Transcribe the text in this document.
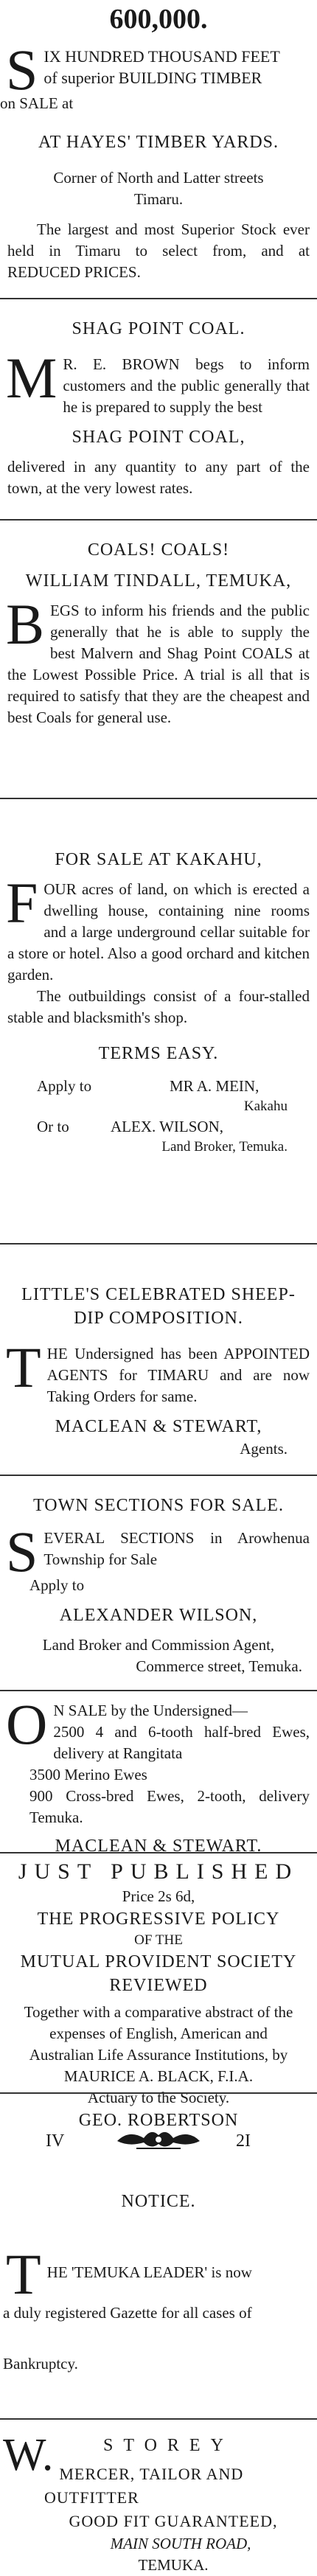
600,000.
S IX HUNDRED THOUSAND FEET
of superior BUILDING TIMBER
on SALE at
AT HAYES' TIMBER YARDS.
Corner of North and Latter streets
Timaru.
The largest and most Superior Stock ever held in Timaru to select from, and at REDUCED PRICES.
SHAG POINT COAL.
M R. E. BROWN begs to inform customers and the public generally that he is prepared to supply the best
SHAG POINT COAL,
delivered in any quantity to any part of the town, at the very lowest rates.
COALS! COALS!
WILLIAM TINDALL, TEMUKA,
B EGS to inform his friends and the public generally that he is able to supply the best Malvern and Shag Point COALS at the Lowest Possible Price. A trial is all that is required to satisfy that they are the cheapest and best Coals for general use.
FOR SALE AT KAKAHU,
F OUR acres of land, on which is erected a dwelling house, containing nine rooms and a large underground cellar suitable for a store or hotel. Also a good orchard and kitchen garden.
The outbuildings consist of a four-stalled stable and blacksmith's shop.
TERMS EASY.
Apply to	MR A. MEIN,
Kakahu
Or to	ALEX. WILSON,
Land Broker, Temuka.
LITTLE'S CELEBRATED SHEEP-DIP COMPOSITION.
T HE Undersigned has been APPOINTED AGENTS for TIMARU and are now Taking Orders for same.
MACLEAN & STEWART,
Agents.
TOWN SECTIONS FOR SALE.
S EVERAL SECTIONS in Arowhenua Township for Sale
Apply to
ALEXANDER WILSON,
Land Broker and Commission Agent,
Commerce street, Temuka.
O N SALE by the Undersigned—
2500 4 and 6-tooth half-bred Ewes, delivery at Rangitata
3500 Merino Ewes
900 Cross-bred Ewes, 2-tooth, delivery Temuka.
MACLEAN & STEWART.
JUST PUBLISHED
Price 2s 6d,
THE PROGRESSIVE POLICY
OF THE
MUTUAL PROVIDENT SOCIETY REVIEWED
Together with a comparative abstract of the expenses of English, American and Australian Life Assurance Institutions, by
MAURICE A. BLACK, F.I.A.
Actuary to the Society.
GEO. ROBERTSON
IV	2I
NOTICE.
T HE 'TEMUKA LEADER' is now
a duly registered Gazette for all cases of
Bankruptcy.
W.	STOREY
MERCER, TAILOR AND OUTFITTER
GOOD FIT GUARANTEED,
MAIN SOUTH ROAD,
TEMUKA.
